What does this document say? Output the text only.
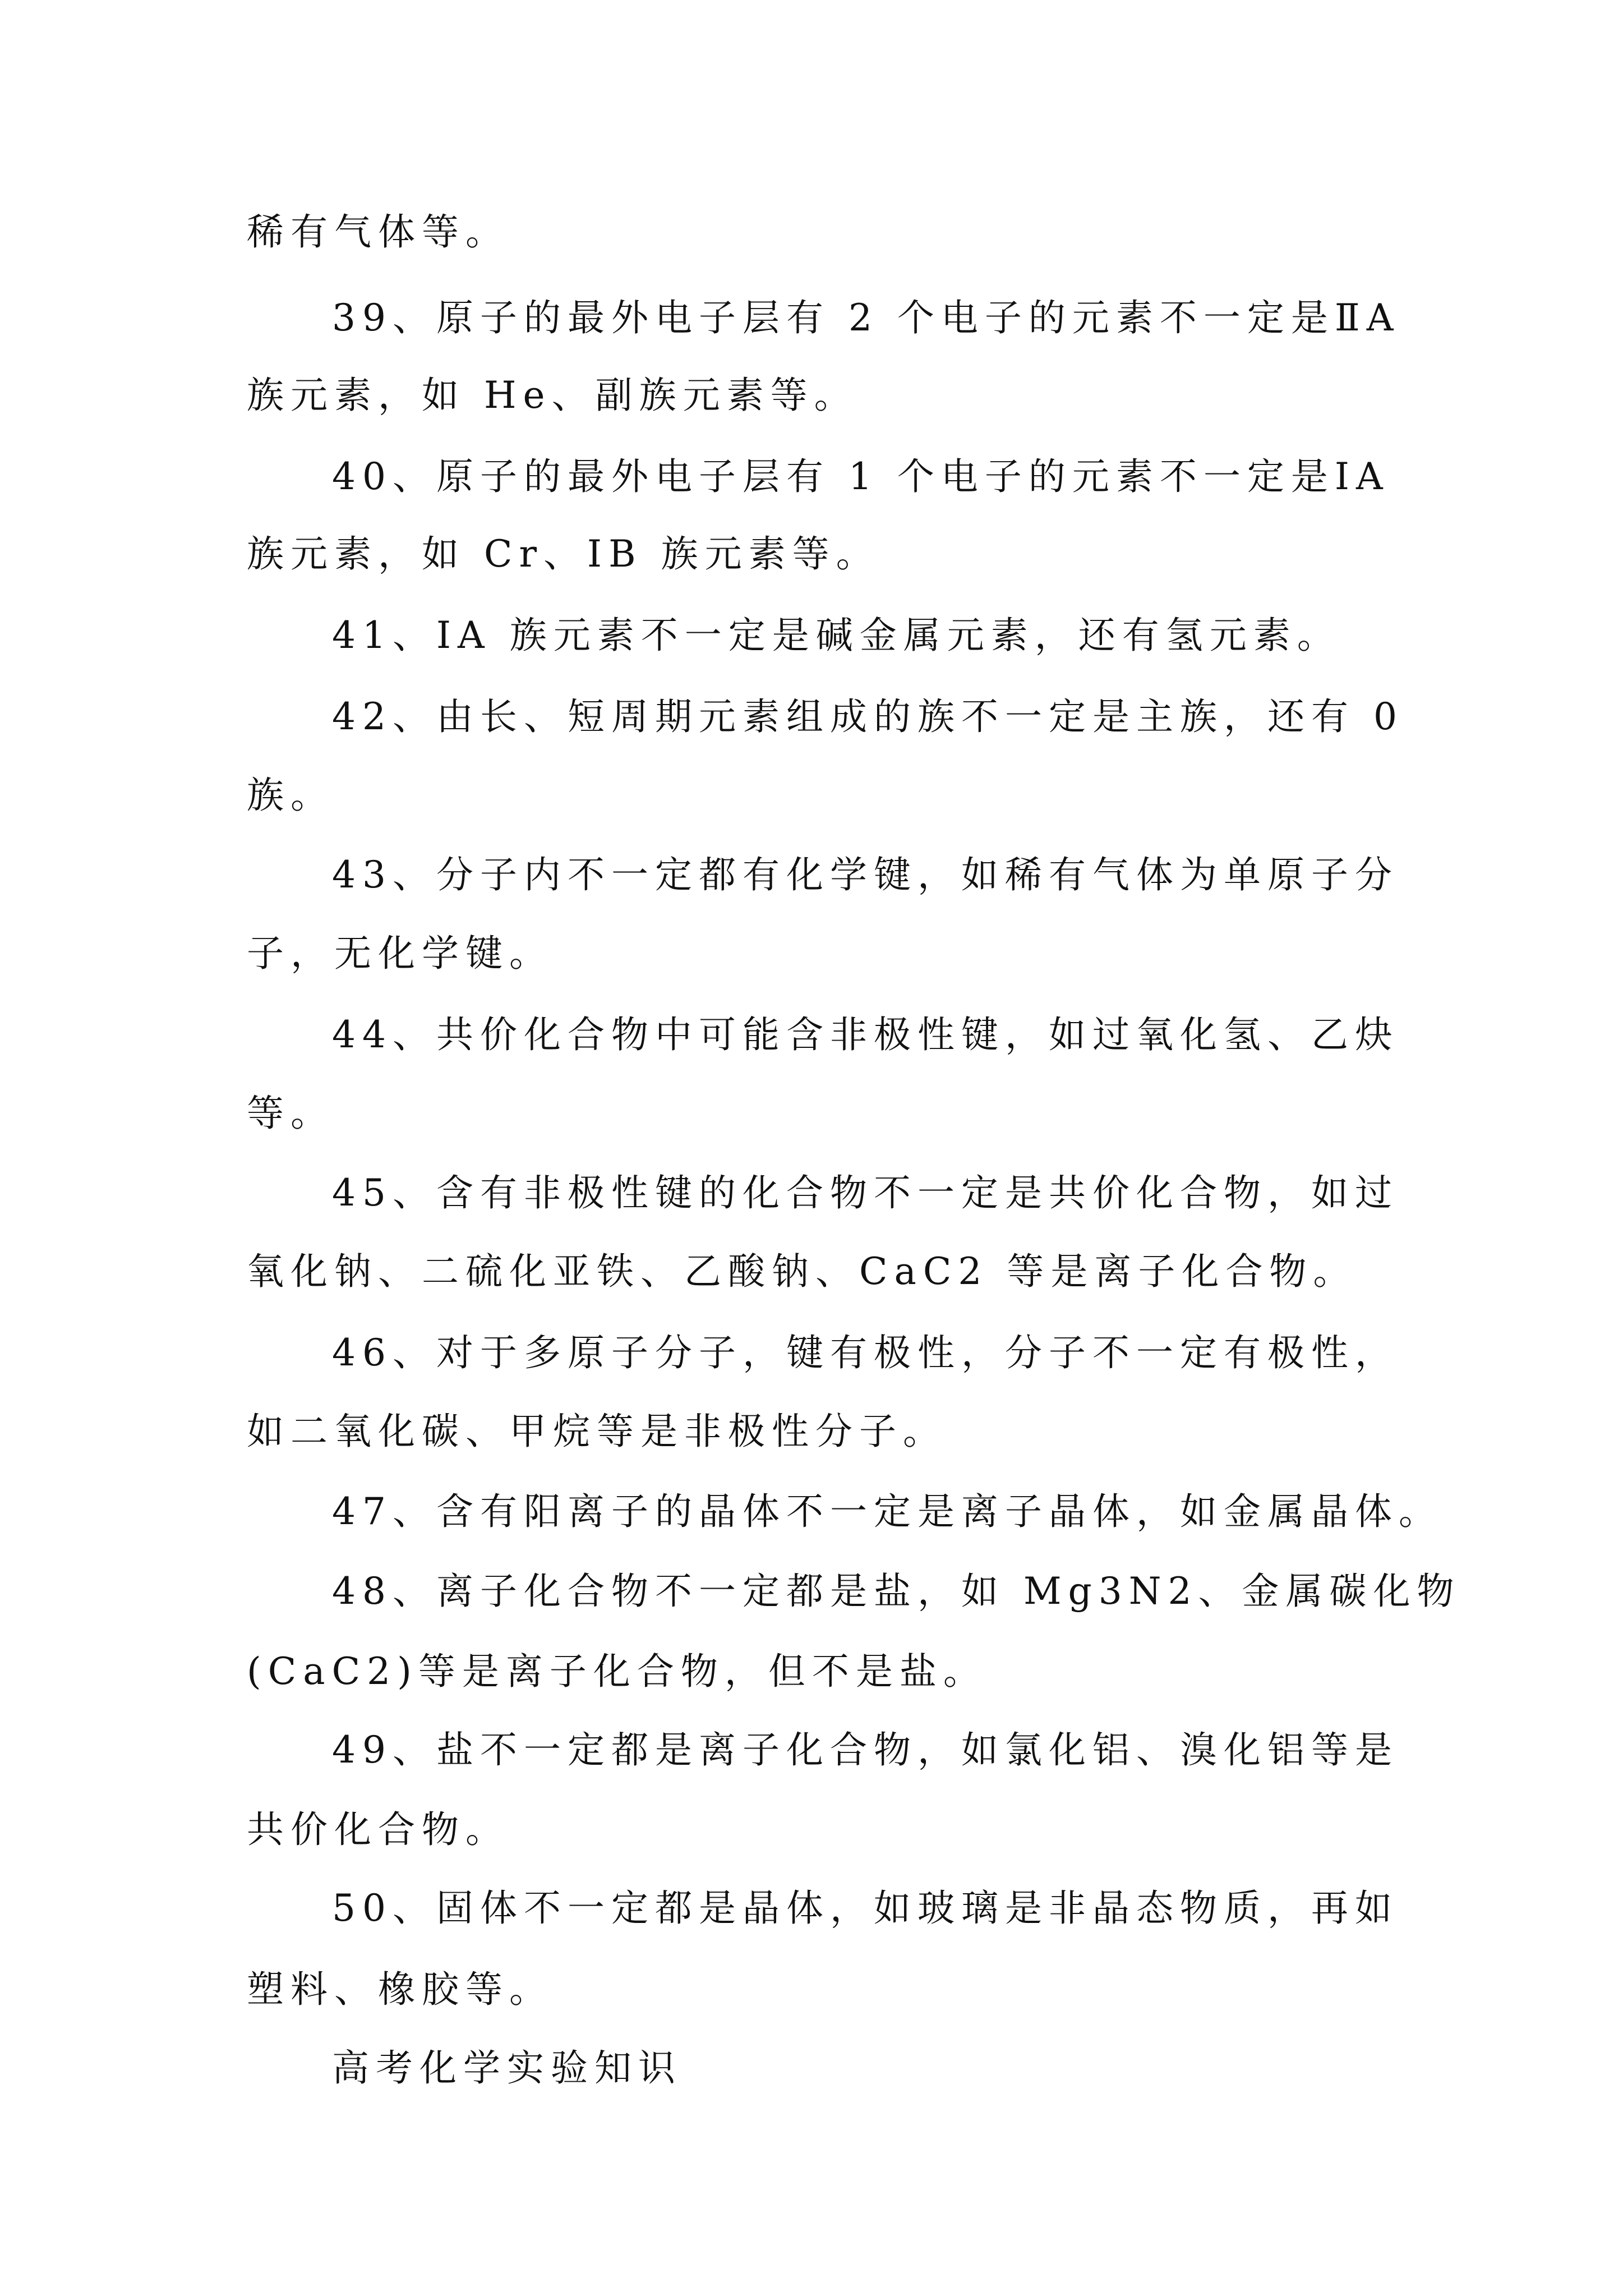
稀有气体等。
39、原子的最外电子层有 2 个电子的元素不一定是ⅡA
族元素，如 He、副族元素等。
40、原子的最外电子层有 1 个电子的元素不一定是ⅠA
族元素，如 Cr、ⅠB 族元素等。
41、ⅠA 族元素不一定是碱金属元素，还有氢元素。
42、由长、短周期元素组成的族不一定是主族，还有 0
族。
43、分子内不一定都有化学键，如稀有气体为单原子分
子，无化学键。
44、共价化合物中可能含非极性键，如过氧化氢、乙炔
等。
45、含有非极性键的化合物不一定是共价化合物，如过
氧化钠、二硫化亚铁、乙酸钠、CaC2 等是离子化合物。
46、对于多原子分子，键有极性，分子不一定有极性，
如二氧化碳、甲烷等是非极性分子。
47、含有阳离子的晶体不一定是离子晶体，如金属晶体。
48、离子化合物不一定都是盐，如 Mg3N2、金属碳化物
(CaC2)等是离子化合物，但不是盐。
49、盐不一定都是离子化合物，如氯化铝、溴化铝等是
共价化合物。
50、固体不一定都是晶体，如玻璃是非晶态物质，再如
塑料、橡胶等。
高考化学实验知识
